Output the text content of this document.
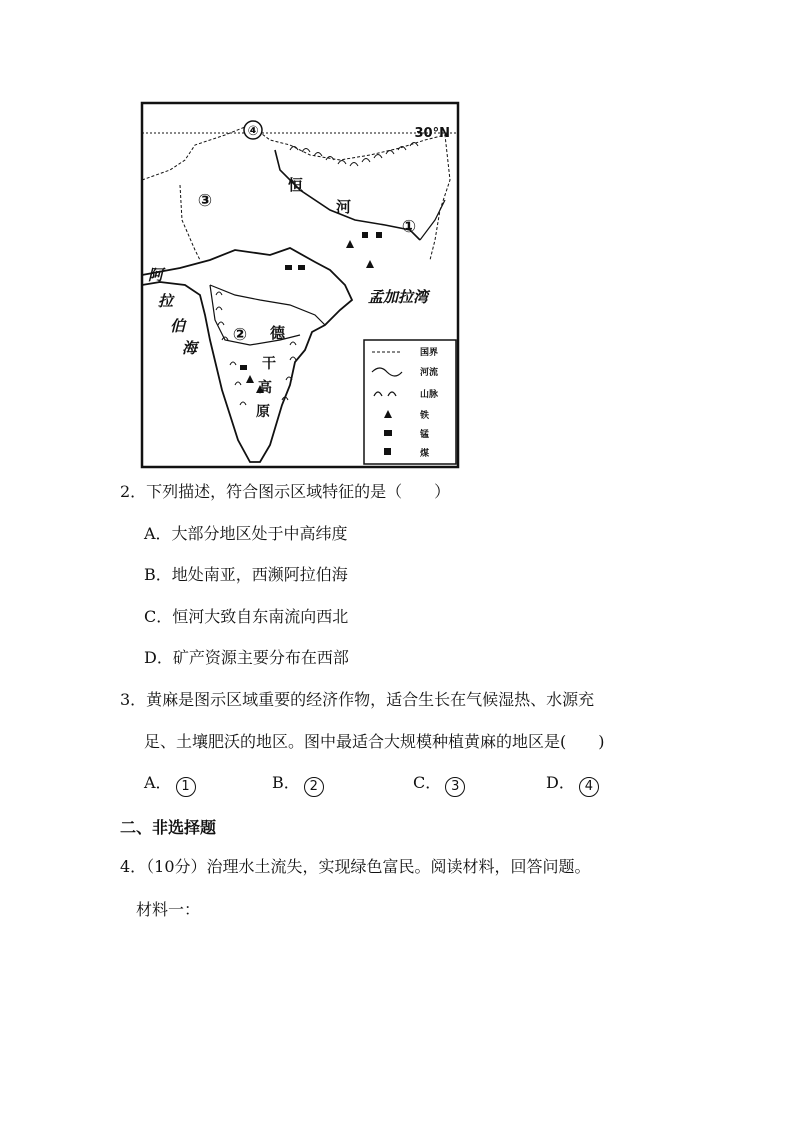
④	30°N
③
①
②
恒
河
孟加拉湾
阿
拉
伯
海
德
干
高
原
国界
河流
山脉
铁
锰
煤
2．下列描述，符合图示区域特征的是（　　）
A．大部分地区处于中高纬度
B．地处南亚，西濒阿拉伯海
C．恒河大致自东南流向西北
D．矿产资源主要分布在西部
3．黄麻是图示区域重要的经济作物，适合生长在气候湿热、水源充
足、土壤肥沃的地区。图中最适合大规模种植黄麻的地区是(　　)
A． 1	B． 2	C． 3	D． 4
二、非选择题
4．（10分）治理水土流失，实现绿色富民。阅读材料，回答问题。
材料一：
